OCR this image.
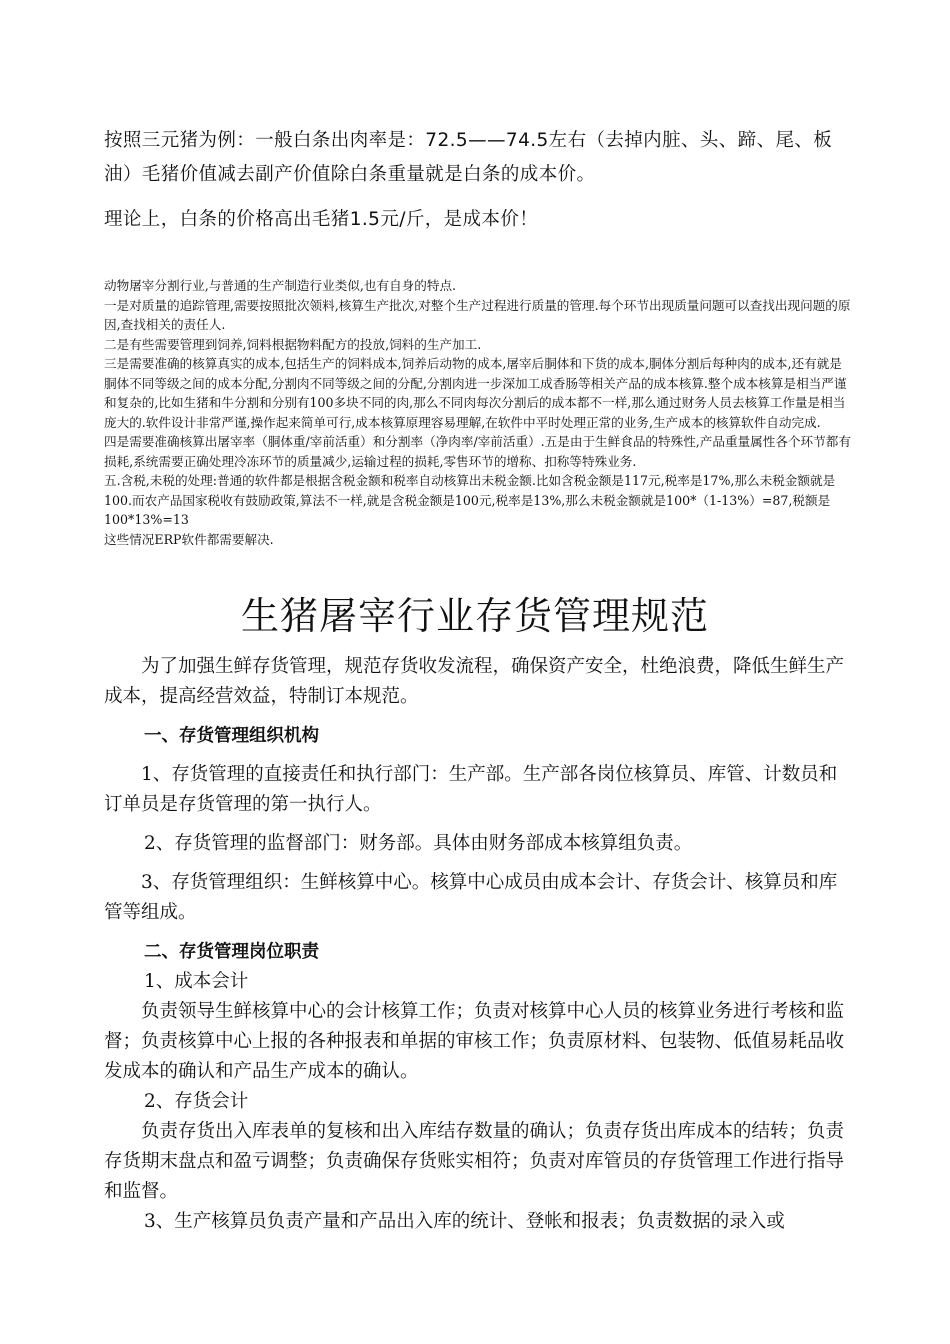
按照三元猪为例：一般白条出肉率是：72.5——74.5左右（去掉内脏、头、蹄、尾、板油）毛猪价值减去副产价值除白条重量就是白条的成本价。

理论上，白条的价格高出毛猪1.5元/斤，是成本价！

动物屠宰分割行业,与普通的生产制造行业类似,也有自身的特点.

一是对质量的追踪管理,需要按照批次领料,核算生产批次,对整个生产过程进行质量的管理.每个环节出现质量问题可以查找出现问题的原因,查找相关的责任人.

二是有些需要管理到饲养,饲料根据物料配方的投放,饲料的生产加工.

三是需要准确的核算真实的成本,包括生产的饲料成本,饲养后动物的成本,屠宰后胴体和下货的成本,胴体分割后每种肉的成本,还有就是胴体不同等级之间的成本分配,分割肉不同等级之间的分配,分割肉进一步深加工成香肠等相关产品的成本核算.整个成本核算是相当严谨和复杂的,比如生猪和牛分割和分别有100多块不同的肉,那么不同肉每次分割后的成本都不一样,那么通过财务人员去核算工作量是相当庞大的.软件设计非常严谨,操作起来简单可行,成本核算原理容易理解,在软件中平时处理正常的业务,生产成本的核算软件自动完成.

四是需要准确核算出屠宰率（胴体重/宰前活重）和分割率（净肉率/宰前活重）.五是由于生鲜食品的特殊性,产品重量属性各个环节都有损耗,系统需要正确处理冷冻环节的质量减少,运输过程的损耗,零售环节的增称、扣称等特殊业务.

五.含税,未税的处理:普通的软件都是根据含税金额和税率自动核算出未税金额.比如含税金额是117元,税率是17%,那么未税金额就是100.而农产品国家税收有鼓励政策,算法不一样,就是含税金额是100元,税率是13%,那么未税金额就是100*（1-13%）=87,税额是100*13%=13

这些情况ERP软件都需要解决.

生猪屠宰行业存货管理规范

为了加强生鲜存货管理，规范存货收发流程，确保资产安全，杜绝浪费，降低生鲜生产成本，提高经营效益，特制订本规范。

一、存货管理组织机构

1、存货管理的直接责任和执行部门：生产部。生产部各岗位核算员、库管、计数员和订单员是存货管理的第一执行人。

2、存货管理的监督部门：财务部。具体由财务部成本核算组负责。

3、存货管理组织：生鲜核算中心。核算中心成员由成本会计、存货会计、核算员和库管等组成。

二、存货管理岗位职责

1、成本会计

负责领导生鲜核算中心的会计核算工作；负责对核算中心人员的核算业务进行考核和监督；负责核算中心上报的各种报表和单据的审核工作；负责原材料、包装物、低值易耗品收发成本的确认和产品生产成本的确认。

2、存货会计

负责存货出入库表单的复核和出入库结存数量的确认；负责存货出库成本的结转；负责存货期末盘点和盈亏调整；负责确保存货账实相符；负责对库管员的存货管理工作进行指导和监督。

3、生产核算员负责产量和产品出入库的统计、登帐和报表；负责数据的录入或
